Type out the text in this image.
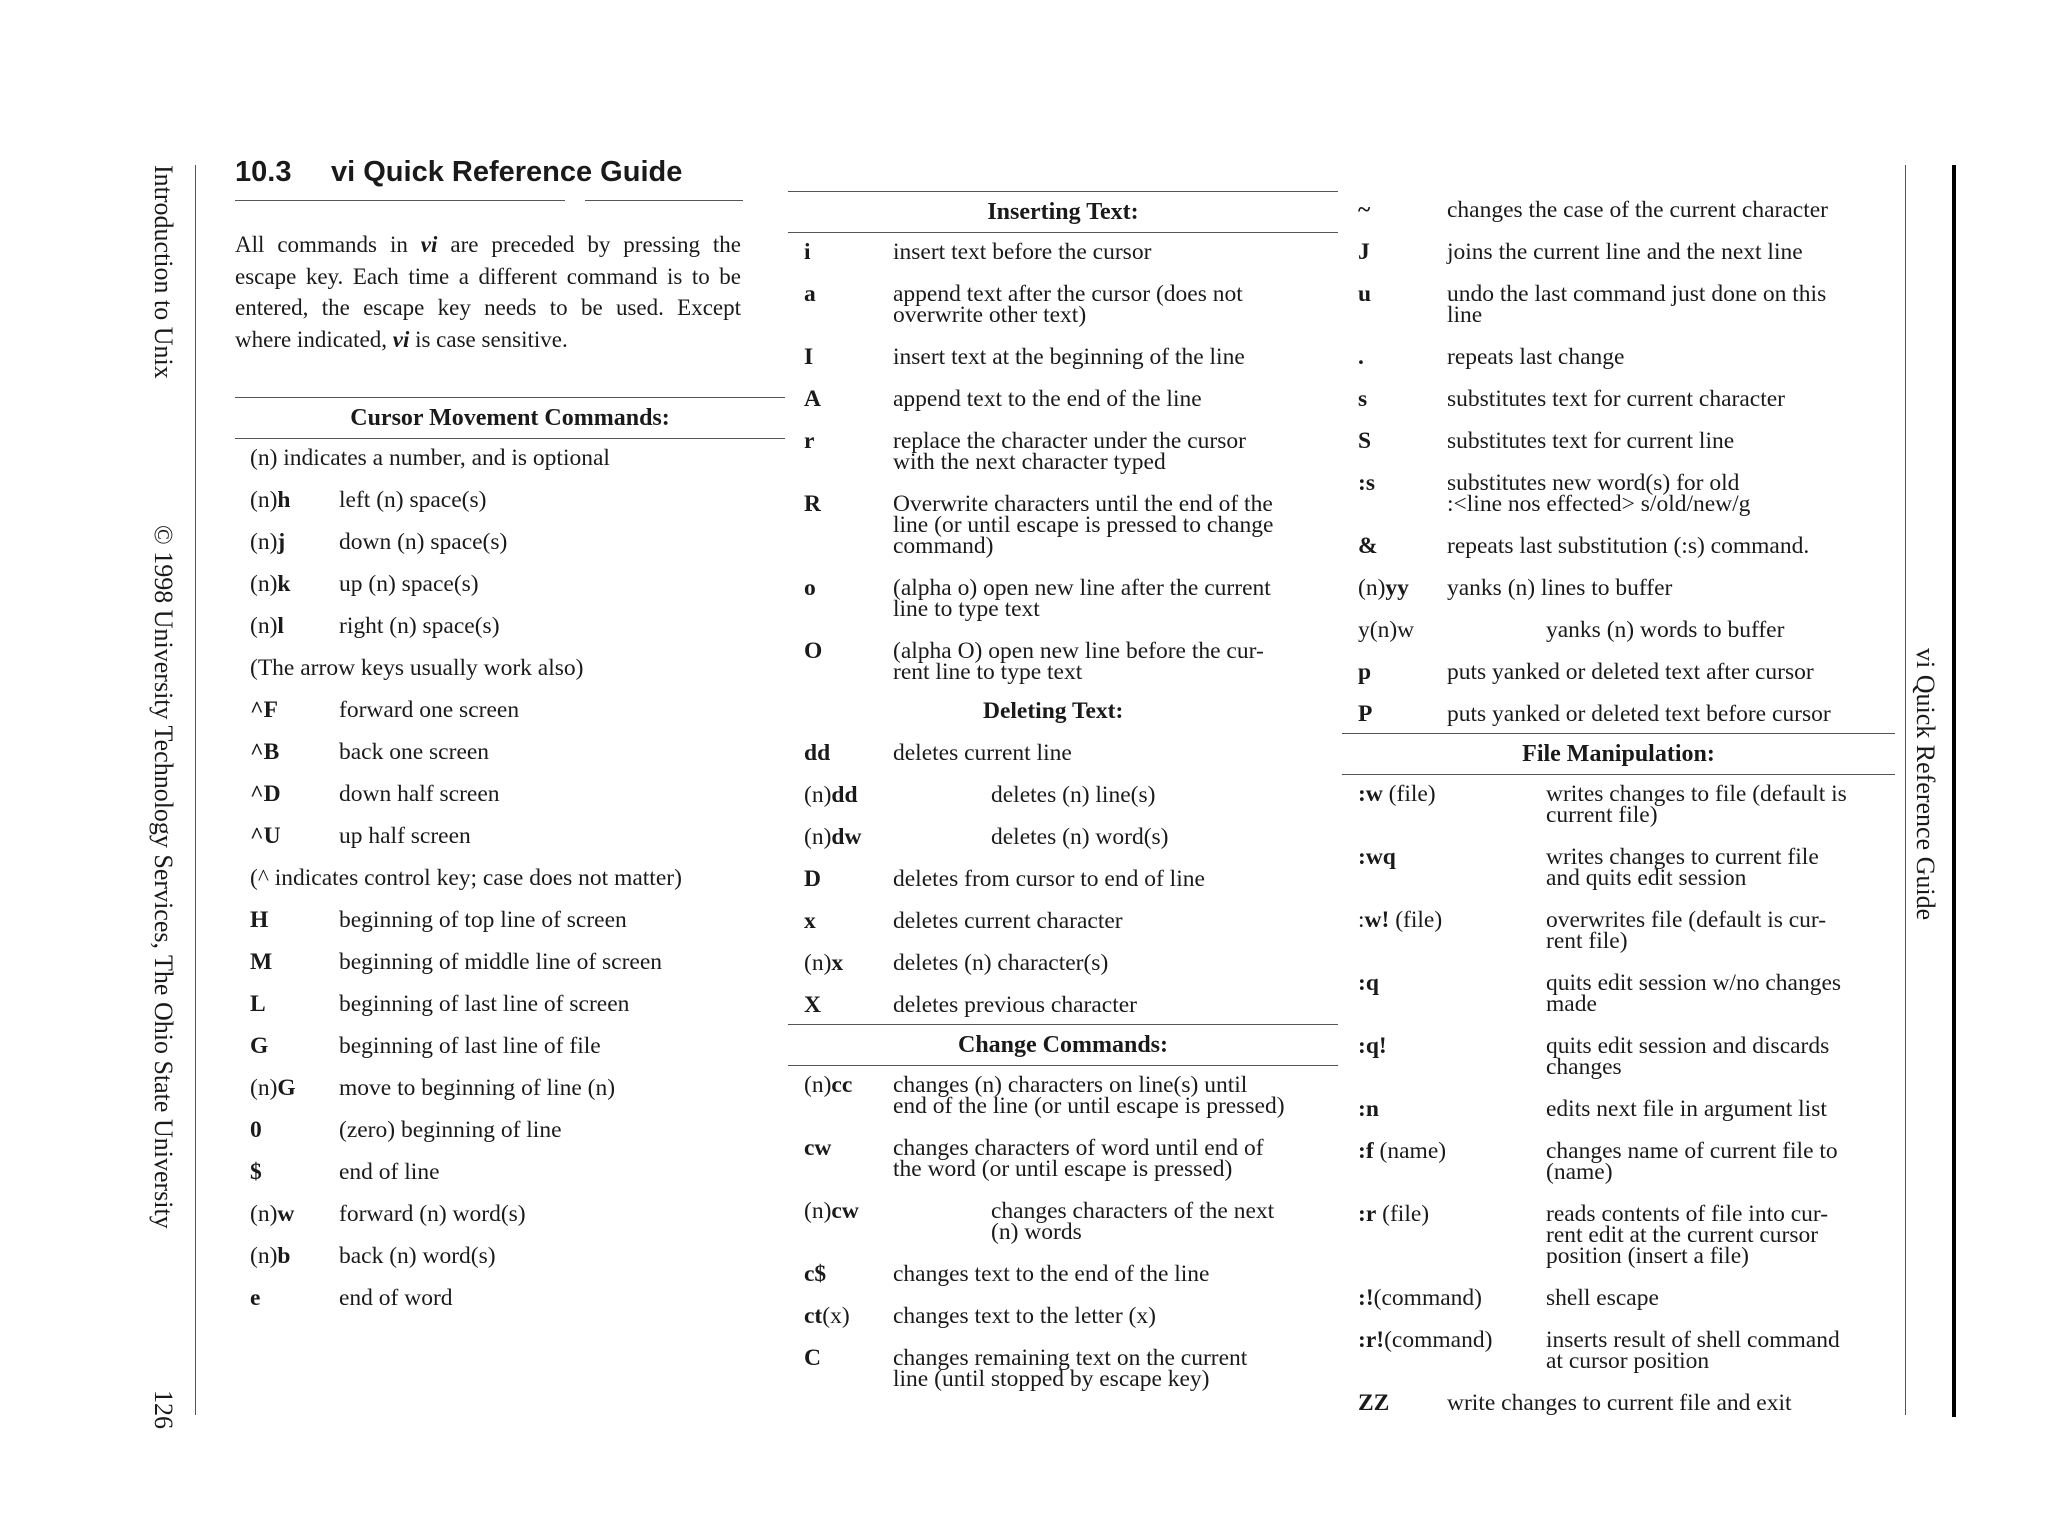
Introduction to Unix
© 1998 University Technology Services, The Ohio State University
126
vi Quick Reference Guide
10.3 vi Quick Reference Guide
All commands in vi are preceded by pressing the escape key. Each time a different command is to be entered, the escape key needs to be used. Except where indicated, vi is case sensitive.
Cursor Movement Commands:
(n) indicates a number, and is optional
(n)h left (n) space(s)
(n)j down (n) space(s)
(n)k up (n) space(s)
(n)l right (n) space(s)
^F	forward one screen
^B	back one screen
^D down half screen
^U up half screen
H	beginning of top line of screen
M	beginning of middle line of screen
L	beginning of last line of screen
G	beginning of last line of file
(n)G move to beginning of line (n)
0	(zero) beginning of line
$	end of line
(n)w forward (n) word(s)
(n)b back (n) word(s)
e	end of word
(The arrow keys usually work also)
(^ indicates control key; case does not matter)
Inserting Text:
i	insert text before the cursor
a	append text after the cursor (does not
overwrite other text)
I	insert text at the beginning of the line
A	append text to the end of the line
r	replace the character under the cursor
with the next character typed
R	Overwrite characters until the end of the
line (or until escape is pressed to change
command)
o	(alpha o) open new line after the current
line to type text
O	(alpha O) open new line before the cur-
rent line to type text
Deleting Text:
dd	deletes current line
(n)dd	deletes (n) line(s)
(n)dw	deletes (n) word(s)
D	deletes from cursor to end of line
x	deletes current character
(n)x deletes (n) character(s)
X	deletes previous character
Change Commands:
(n)cc changes (n) characters on line(s) until
end of the line (or until escape is pressed)
cw	changes characters of word until end of
the word (or until escape is pressed)
(n)cw	changes characters of the next
(n) words
c$	changes text to the end of the line
ct(x) changes text to the letter (x)
C	changes remaining text on the current
line (until stopped by escape key)
~	changes the case of the current character
J	joins the current line and the next line
u	undo the last command just done on this
line
.	repeats last change
s	substitutes text for current character
S	substitutes text for current line
:s	substitutes new word(s) for old
:<line nos effected> s/old/new/g
&	repeats last substitution (:s) command.
(n)yy yanks (n) lines to buffer
y(n)w	yanks (n) words to buffer
p	puts yanked or deleted text after cursor
P	puts yanked or deleted text before cursor
File Manipulation:
:w (file)	writes changes to file (default is
current file)
:wq	writes changes to current file
and quits edit session
:w! (file)	overwrites file (default is cur-
rent file)
:q	quits edit session w/no changes
made
:q!	quits edit session and discards
changes
:n	edits next file in argument list
:f (name)	changes name of current file to
(name)
:r (file)	reads contents of file into cur-
rent edit at the current cursor
position (insert a file)
:!(command)	shell escape
:r!(command) inserts result of shell command
at cursor position
ZZ write changes to current file and exit
